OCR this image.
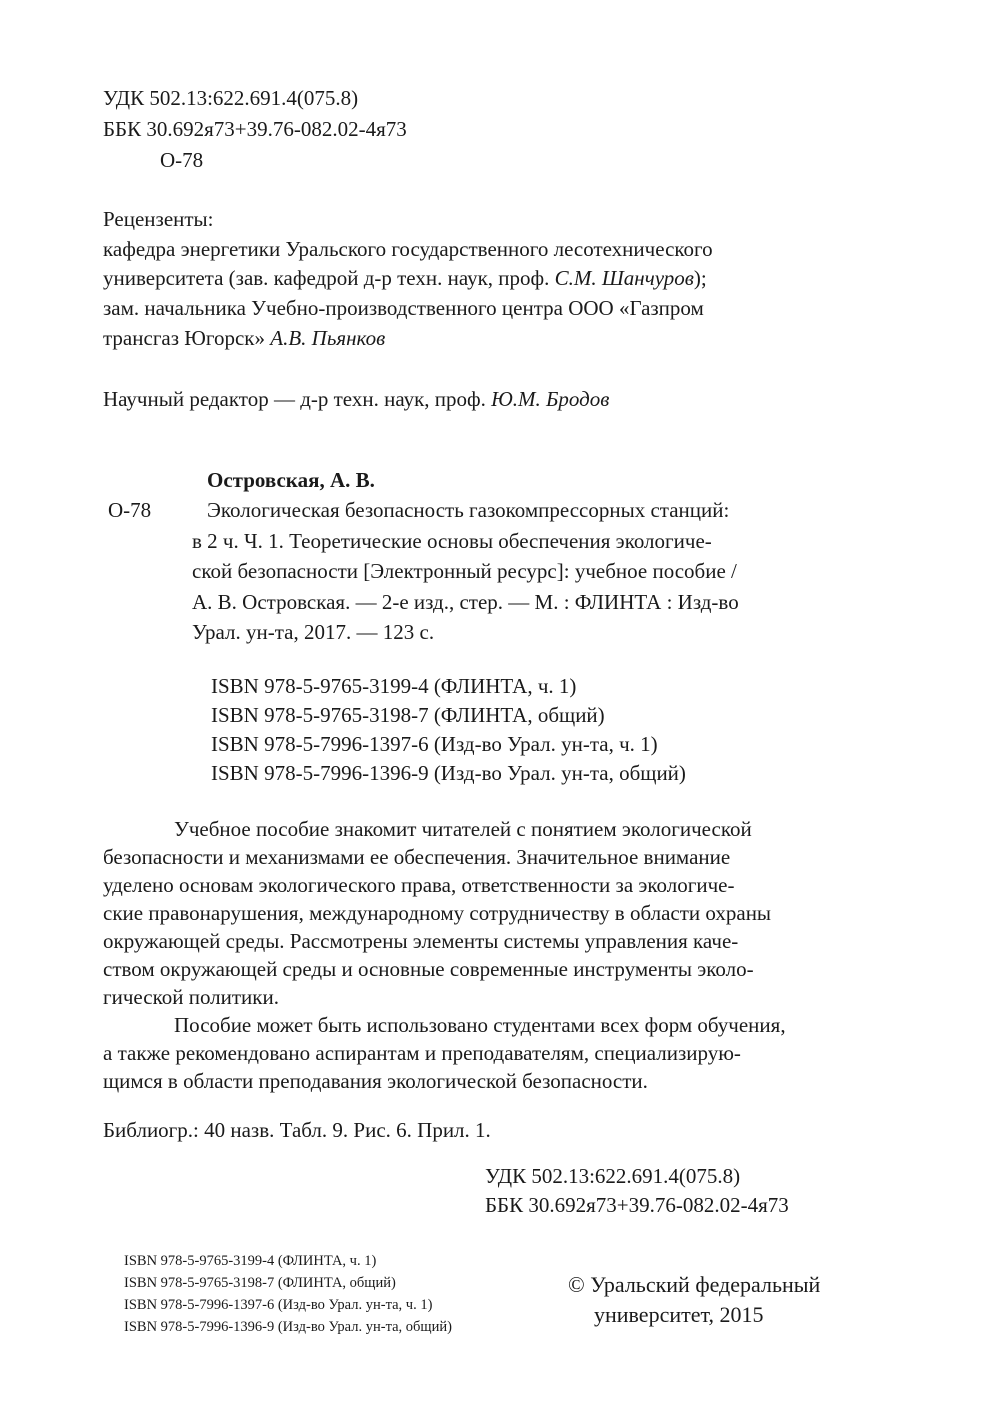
УДК 502.13:622.691.4(075.8)
ББК 30.692я73+39.76-082.02-4я73
О-78
Рецензенты:
кафедра энергетики Уральского государственного лесотехнического
университета (зав. кафедрой д-р техн. наук, проф. С.М. Шанчуров);
зам. начальника Учебно-производственного центра ООО «Газпром
трансгаз Югорск» А.В. Пьянков
Научный редактор — д-р техн. наук, проф. Ю.М. Бродов
Островская, А. В.
О-78	Экологическая безопасность газокомпрессорных станций:
в 2 ч. Ч. 1. Теоретические основы обеспечения экологиче-
ской безопасности [Электронный ресурс]: учебное пособие /
А. В. Островская. — 2-е изд., стер. — М. : ФЛИНТА : Изд-во
Урал. ун-та, 2017. — 123 с.
ISBN 978-5-9765-3199-4 (ФЛИНТА, ч. 1)
ISBN 978-5-9765-3198-7 (ФЛИНТА, общий)
ISBN 978-5-7996-1397-6 (Изд-во Урал. ун-та, ч. 1)
ISBN 978-5-7996-1396-9 (Изд-во Урал. ун-та, общий)
Учебное пособие знакомит читателей с понятием экологической
безопасности и механизмами ее обеспечения. Значительное внимание
уделено основам экологического права, ответственности за экологиче-
ские правонарушения, международному сотрудничеству в области охраны
окружающей среды. Рассмотрены элементы системы управления каче-
ством окружающей среды и основные современные инструменты эколо-
гической политики.
Пособие может быть использовано студентами всех форм обучения,
а также рекомендовано аспирантам и преподавателям, специализирую-
щимся в области преподавания экологической безопасности.
Библиогр.: 40 назв. Табл. 9. Рис. 6. Прил. 1.
УДК 502.13:622.691.4(075.8)
ББК 30.692я73+39.76-082.02-4я73
ISBN 978-5-9765-3199-4 (ФЛИНТА, ч. 1)
ISBN 978-5-9765-3198-7 (ФЛИНТА, общий)
ISBN 978-5-7996-1397-6 (Изд-во Урал. ун-та, ч. 1)
ISBN 978-5-7996-1396-9 (Изд-во Урал. ун-та, общий)
© Уральский федеральный
университет, 2015
